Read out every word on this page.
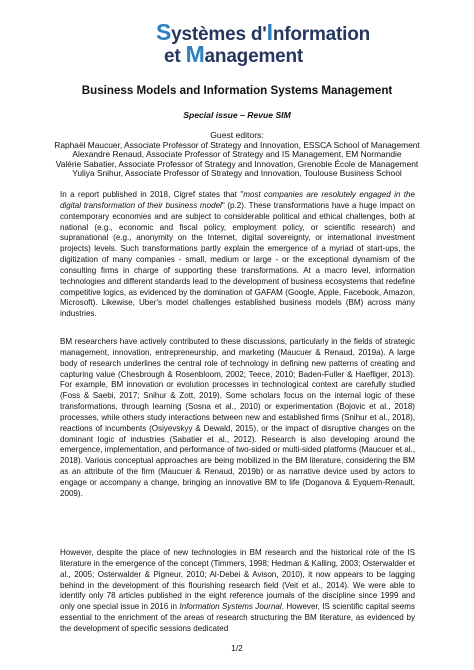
Systèmes d'Information
et Management
Business Models and Information Systems Management
Special issue – Revue SIM
Guest editors:
Raphaël Maucuer, Associate Professor of Strategy and Innovation, ESSCA School of Management
Alexandre Renaud, Associate Professor of Strategy and IS Management, EM Normandie
Valérie Sabatier, Associate Professor of Strategy and Innovation, Grenoble École de Management
Yuliya Snihur, Associate Professor of Strategy and Innovation, Toulouse Business School

In a report published in 2018, Cigref states that "most companies are resolutely engaged in the digital transformation of their business model" (p.2). These transformations have a huge impact on contemporary economies and are subject to considerable political and ethical challenges, both at national (e.g., economic and fiscal policy, employment policy, or scientific research) and supranational (e.g., anonymity on the Internet, digital sovereignty, or international investment projects) levels. Such transformations partly explain the emergence of a myriad of start-ups, the digitization of many companies - small, medium or large - or the exceptional dynamism of the consulting firms in charge of supporting these transformations. At a macro level, information technologies and different standards lead to the development of business ecosystems that redefine competitive logics, as evidenced by the domination of GAFAM (Google, Apple, Facebook, Amazon, Microsoft). Likewise, Uber's model challenges established business models (BM) across many industries.

BM researchers have actively contributed to these discussions, particularly in the fields of strategic management, innovation, entrepreneurship, and marketing (Maucuer & Renaud, 2019a). A large body of research underlines the central role of technology in defining new patterns of creating and capturing value (Chesbrough & Rosenbloom, 2002; Teece, 2010; Baden-Fuller & Haefliger, 2013). For example, BM innovation or evolution processes in technological context are carefully studied (Foss & Saebi, 2017; Snihur & Zott, 2019). Some scholars focus on the internal logic of these transformations, through learning (Sosna et al., 2010) or experimentation (Bojovic et al., 2018) processes, while others study interactions between new and established firms (Snihur et al., 2018), reactions of incumbents (Osiyevskyy & Dewald, 2015), or the impact of disruptive changes on the dominant logic of industries (Sabatier et al., 2012). Research is also developing around the emergence, implementation, and performance of two-sided or multi-sided platforms (Maucuer et al., 2018). Various conceptual approaches are being mobilized in the BM literature, considering the BM as an attribute of the firm (Maucuer & Renaud, 2019b) or as narrative device used by actors to engage or accompany a change, bringing an innovative BM to life (Doganova & Eyquem-Renault, 2009).

However, despite the place of new technologies in BM research and the historical role of the IS literature in the emergence of the concept (Timmers, 1998; Hedman & Kalling, 2003; Osterwalder et al., 2005; Osterwalder & Pigneur, 2010; Al-Debei & Avison, 2010), it now appears to be lagging behind in the development of this flourishing research field (Veit et al., 2014). We were able to identify only 78 articles published in the eight reference journals of the discipline since 1999 and only one special issue in 2016 in Information Systems Journal. However, IS scientific capital seems essential to the enrichment of the areas of research structuring the BM literature, as evidenced by the development of specific sessions dedicated

1/2
